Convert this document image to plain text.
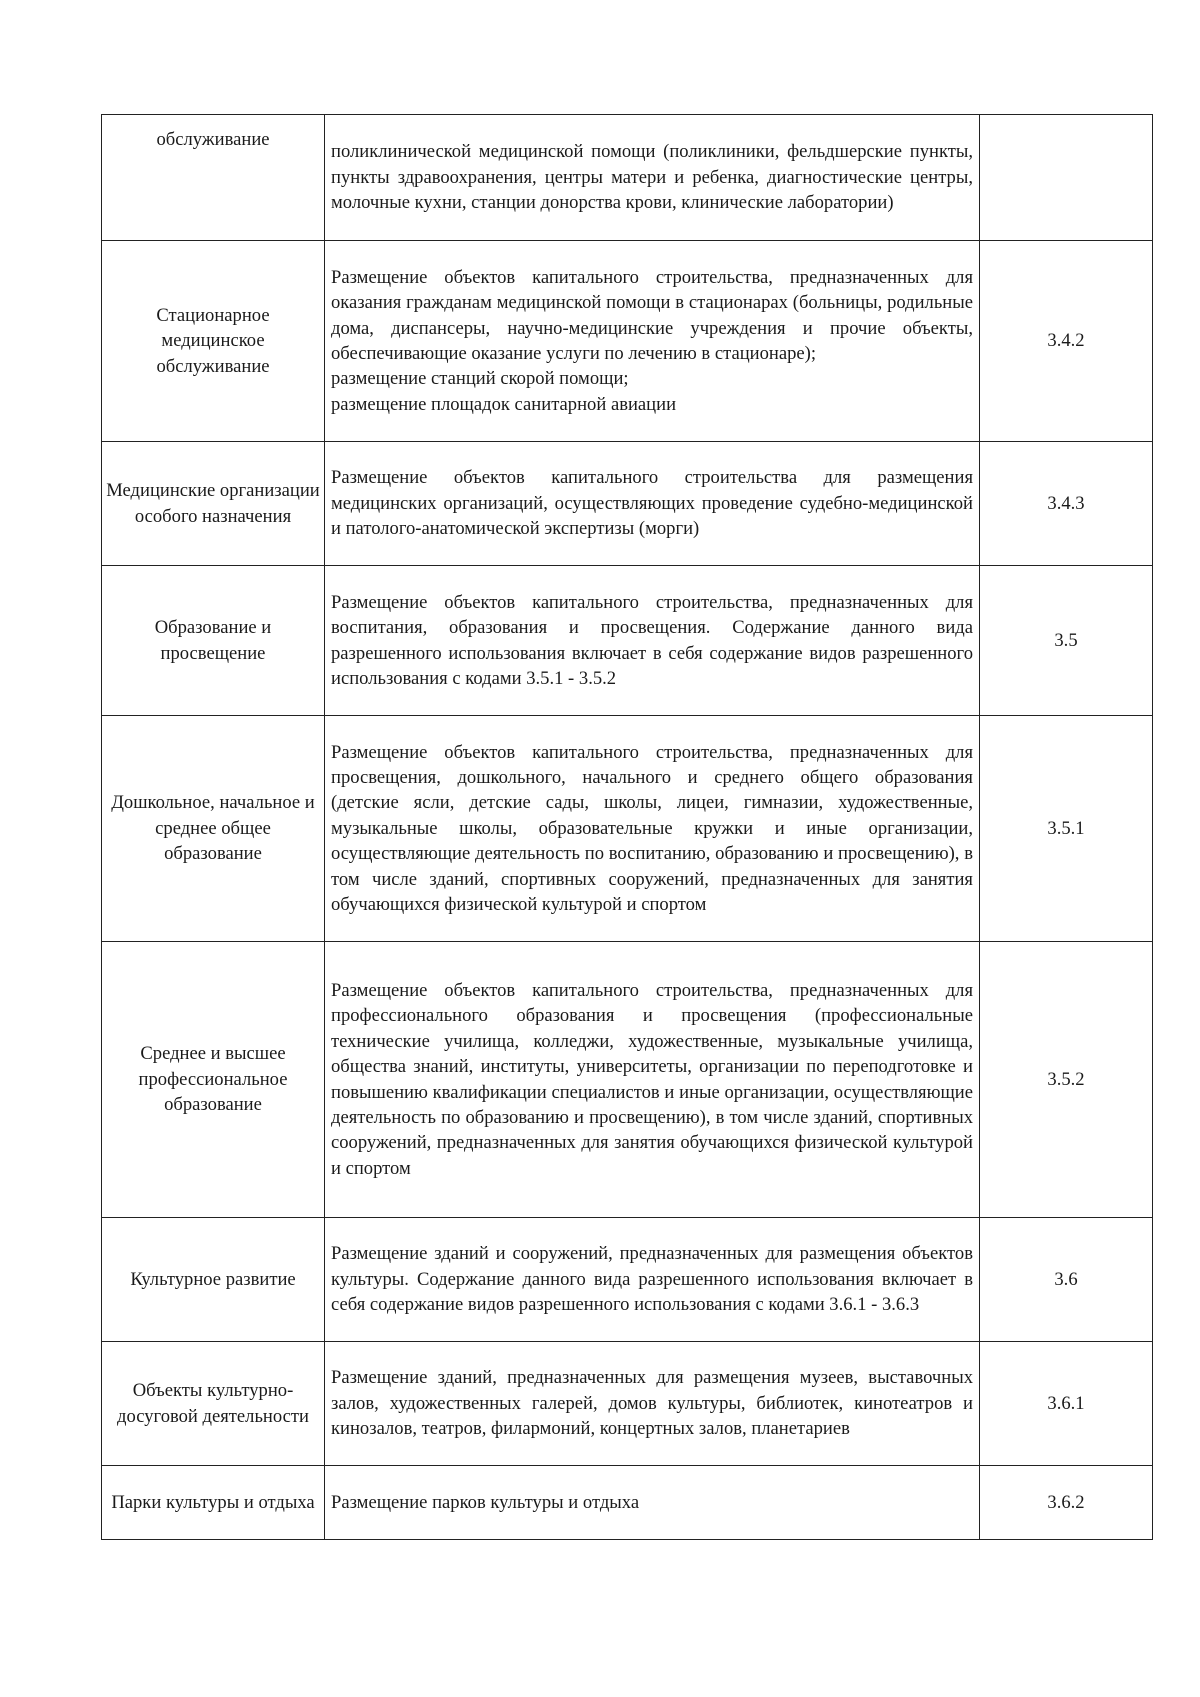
обслуживание	поликлинической медицинской помощи (поликлиники, фельдшерские пункты, пункты здравоохранения, центры матери и ребенка, диагностические центры, молочные кухни, станции донорства крови, клинические лаборатории)	

Стационарное медицинское обслуживание	Размещение объектов капитального строительства, предназначенных для оказания гражданам медицинской помощи в стационарах (больницы, родильные дома, диспансеры, научно-медицинские учреждения и прочие объекты, обеспечивающие оказание услуги по лечению в стационаре);
размещение станций скорой помощи;
размещение площадок санитарной авиации	3.4.2
Медицинские организации особого назначения	Размещение объектов капитального строительства для размещения медицинских организаций, осуществляющих проведение судебно-медицинской и патолого-анатомической экспертизы (морги)	3.4.3
Образование и просвещение	Размещение объектов капитального строительства, предназначенных для воспитания, образования и просвещения. Содержание данного вида разрешенного использования включает в себя содержание видов разрешенного использования с кодами 3.5.1 - 3.5.2	3.5
Дошкольное, начальное и среднее общее образование	Размещение объектов капитального строительства, предназначенных для просвещения, дошкольного, начального и среднего общего образования (детские ясли, детские сады, школы, лицеи, гимназии, художественные, музыкальные школы, образовательные кружки и иные организации, осуществляющие деятельность по воспитанию, образованию и просвещению), в том числе зданий, спортивных сооружений, предназначенных для занятия обучающихся физической культурой и спортом	3.5.1
Среднее и высшее профессиональное образование	Размещение объектов капитального строительства, предназначенных для профессионального образования и просвещения (профессиональные технические училища, колледжи, художественные, музыкальные училища, общества знаний, институты, университеты, организации по переподготовке и повышению квалификации специалистов и иные организации, осуществляющие деятельность по образованию и просвещению), в том числе зданий, спортивных сооружений, предназначенных для занятия обучающихся физической культурой и спортом	3.5.2
Культурное развитие	Размещение зданий и сооружений, предназначенных для размещения объектов культуры. Содержание данного вида разрешенного использования включает в себя содержание видов разрешенного использования с кодами 3.6.1 - 3.6.3	3.6
Объекты культурно-досуговой деятельности	Размещение зданий, предназначенных для размещения музеев, выставочных залов, художественных галерей, домов культуры, библиотек, кинотеатров и кинозалов, театров, филармоний, концертных залов, планетариев	3.6.1
Парки культуры и отдыха	Размещение парков культуры и отдыха	3.6.2
